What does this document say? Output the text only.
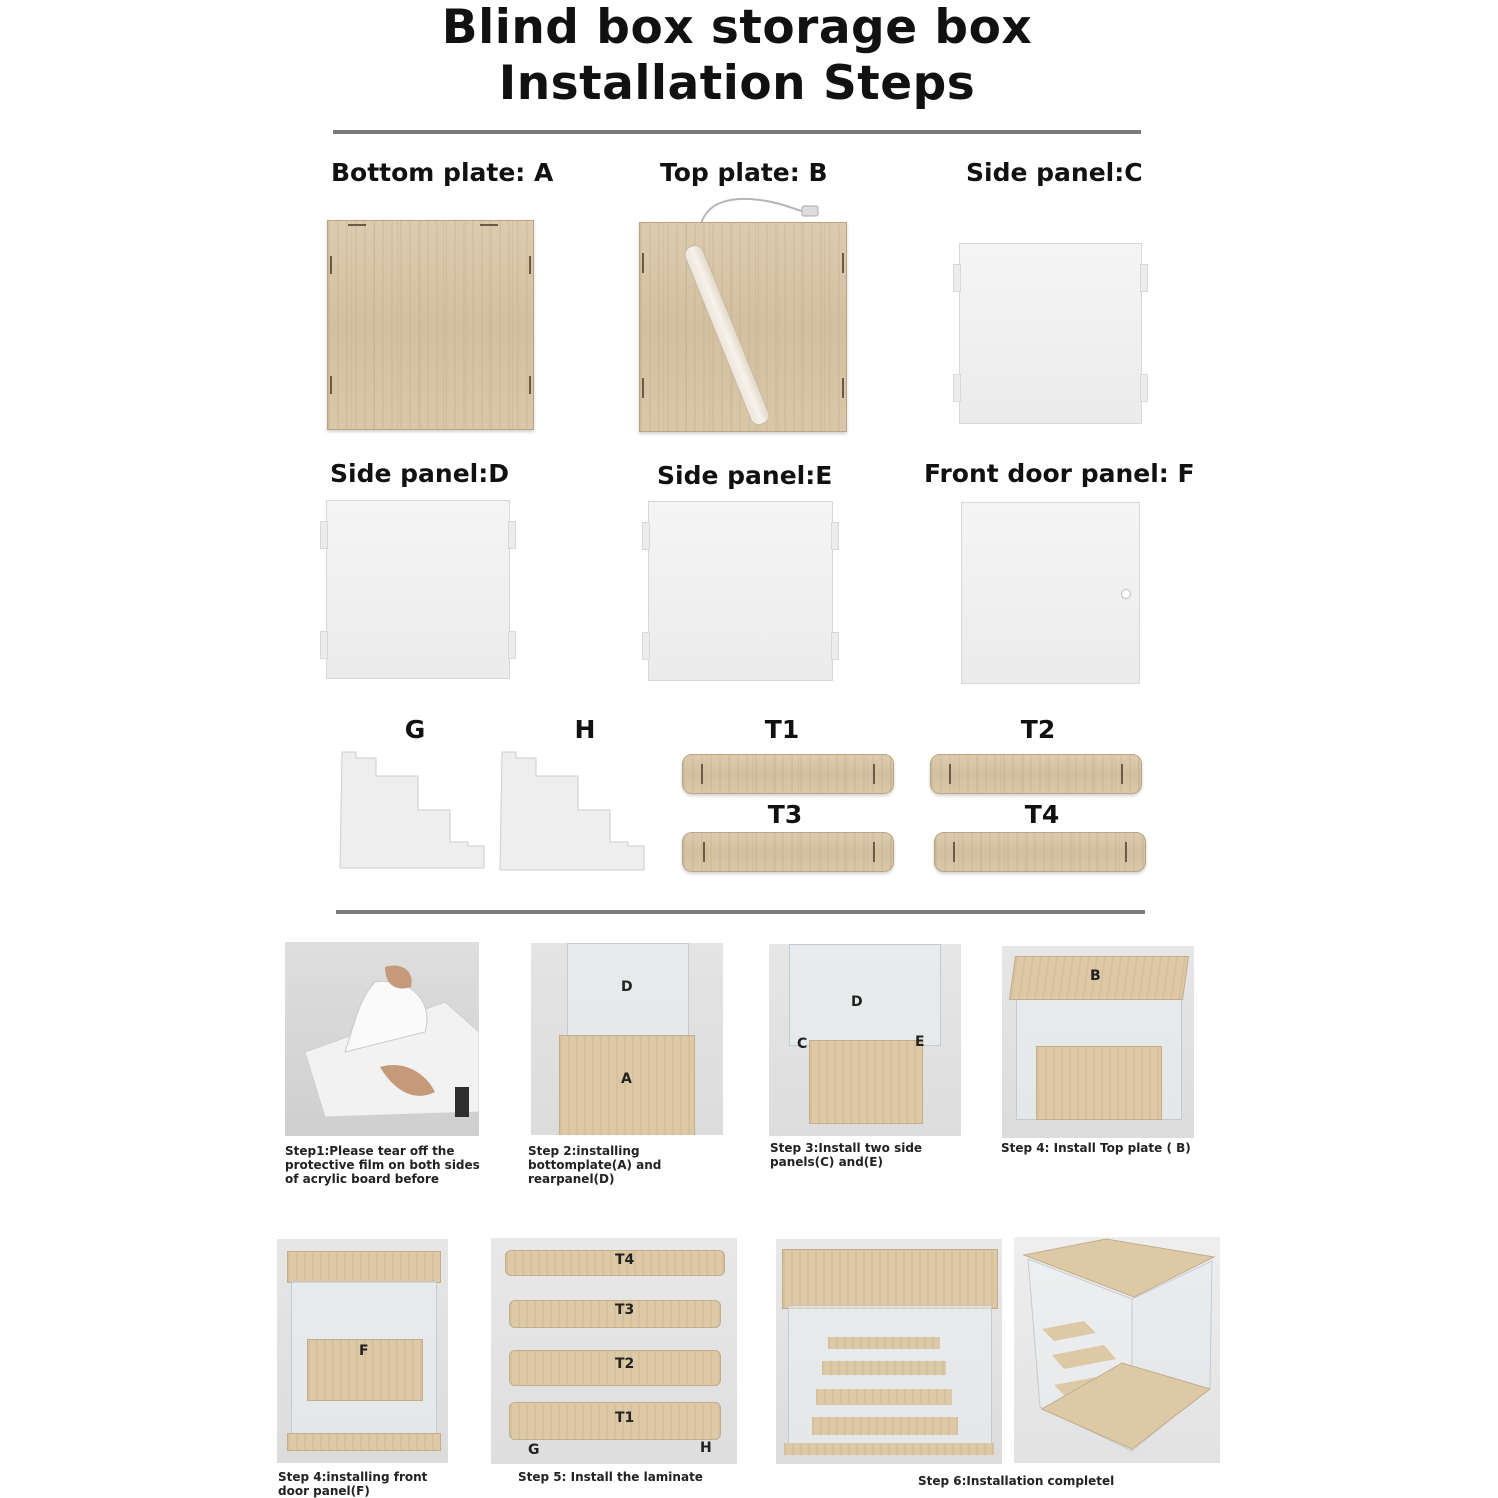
Blind box storage box
Installation Steps
Bottom plate: A	Top plate: B	Side panel:C
Side panel:D	Side panel:E	Front door panel: F
G	H	T1	T2
T3	T4
Step1:Please tear off the protective film on both sides of acrylic board before
D
A
Step 2:installing bottomplate(A) and rearpanel(D)
D
C	E
Step 3:Install two side panels(C) and(E)
B
Step 4: Install Top plate ( B)
F
Step 4:installing front door panel(F)
T4
T3
T2
T1
G	H
Step 5: Install the laminate	Step 6:Installation completel
